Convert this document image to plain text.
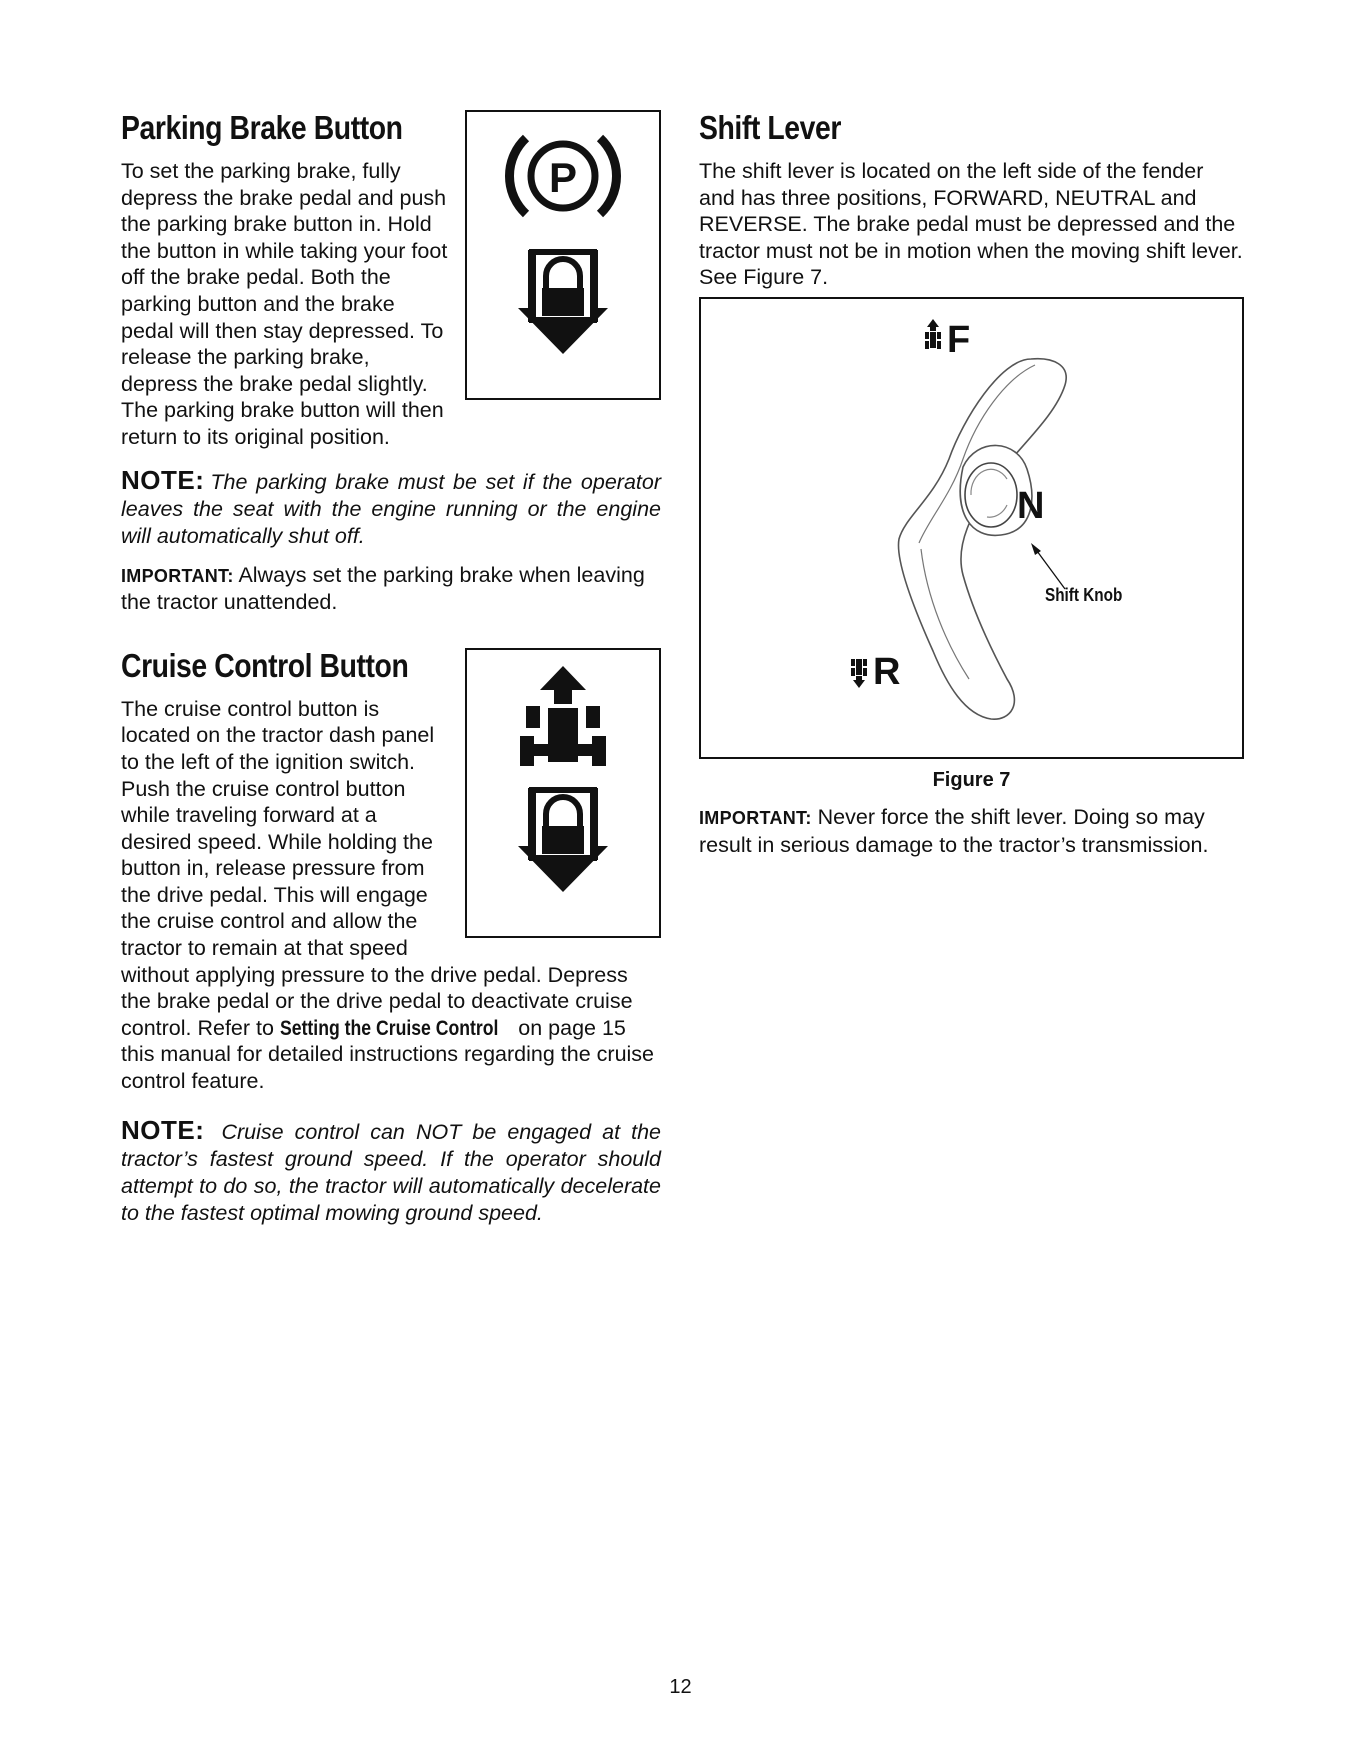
Parking Brake Button
P

To set the parking brake, fully depress the brake pedal and push the parking brake button in. Hold the button in while taking your foot off the brake pedal. Both the parking button and the brake pedal will then stay depressed. To release the parking brake, depress the brake pedal slightly. The parking brake button will then return to its original position.

NOTE: The parking brake must be set if the operator leaves the seat with the engine running or the engine will automatically shut off.

IMPORTANT: Always set the parking brake when leaving the tractor unattended.

Cruise Control Button

The cruise control button is located on the tractor dash panel to the left of the ignition switch. Push the cruise control button while traveling forward at a desired speed. While holding the button in, release pressure from the drive pedal. This will engage the cruise control and allow the tractor to remain at that speed without applying pressure to the drive pedal. Depress the brake pedal or the drive pedal to deactivate cruise control. Refer to Setting the Cruise Control on page 15 this manual for detailed instructions regarding the cruise control feature.

NOTE: Cruise control can NOT be engaged at the tractor’s fastest ground speed. If the operator should attempt to do so, the tractor will automatically decelerate to the fastest optimal mowing ground speed.

Shift Lever

The shift lever is located on the left side of the fender and has three positions, FORWARD, NEUTRAL and REVERSE. The brake pedal must be depressed and the tractor must not be in motion when the moving shift lever. See Figure 7.

F
N
R
Shift Knob
Figure 7

IMPORTANT: Never force the shift lever. Doing so may result in serious damage to the tractor’s transmission.

12
